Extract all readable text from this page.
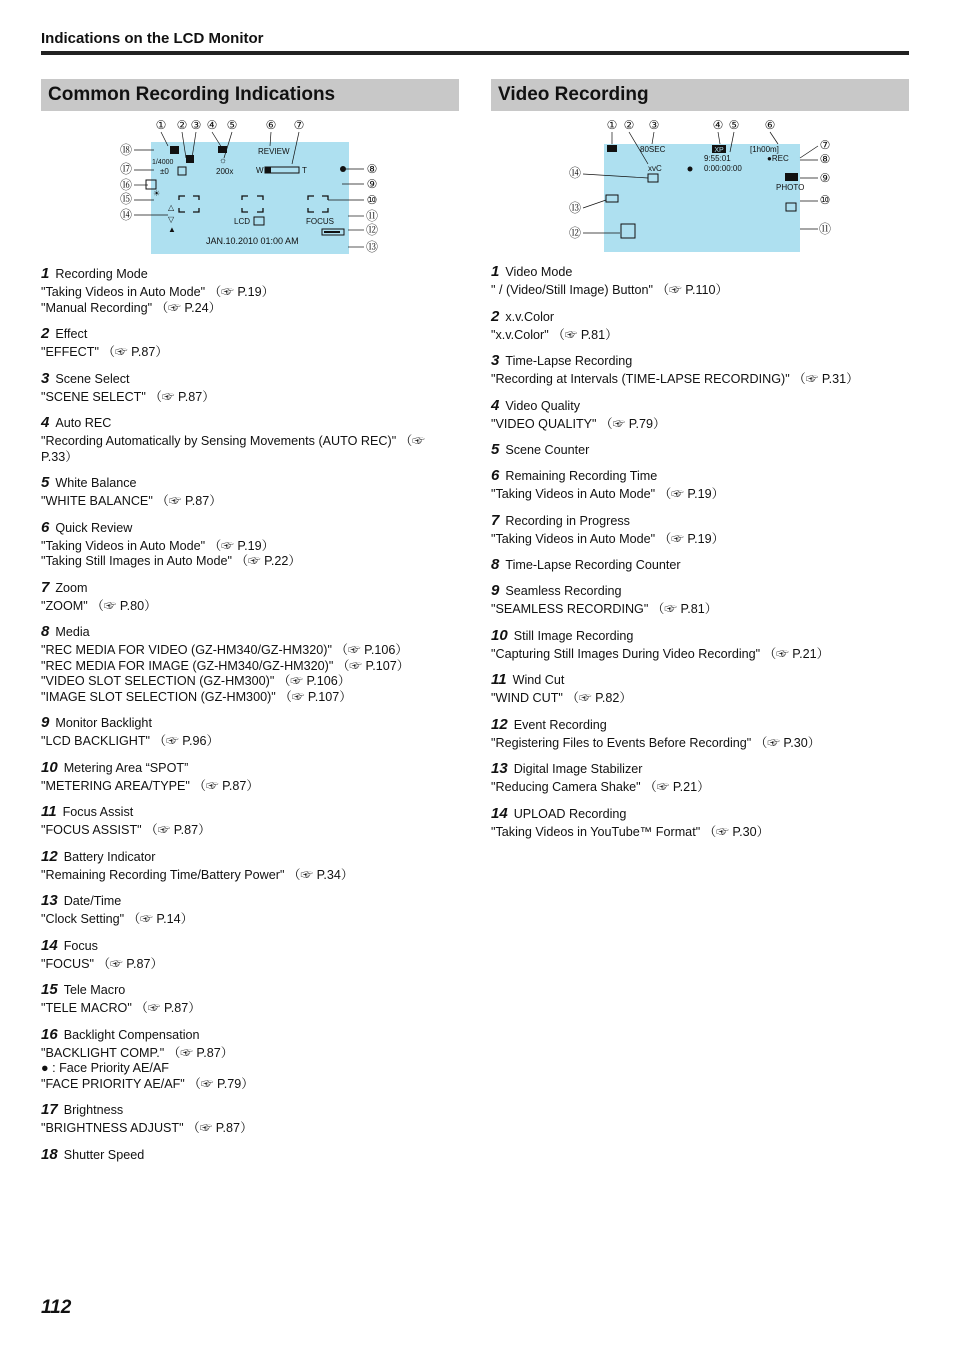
Indications on the LCD Monitor
Common Recording Indications	Video Recording
① ② ③ ④ ⑤ ⑥ ⑦
⑧
⑨
⑩
⑪
⑫
⑬
⑱
⑰
⑯
⑮
⑭
1/4000
±0
☼
200x
REVIEW
W	T
☀
△
▽
▲
LCD	FOCUS
JAN.10.2010 01:00 AM
① ② ③	④ ⑤ ⑥
⑦
⑧
⑨
⑩
⑪
⑭
⑬
⑫
80SEC	XP	[1h00m]
9:55:01	●REC
xvC	0:00:00:00
PHOTO
1 Recording Mode
"Taking Videos in Auto Mode" （☞ P.19）
"Manual Recording" （☞ P.24）
2 Effect
"EFFECT" （☞ P.87）
3 Scene Select
"SCENE SELECT" （☞ P.87）
4 Auto REC
"Recording Automatically by Sensing Movements (AUTO REC)" （☞
P.33）
5 White Balance
"WHITE BALANCE" （☞ P.87）
6 Quick Review
"Taking Videos in Auto Mode" （☞ P.19）
"Taking Still Images in Auto Mode" （☞ P.22）
7 Zoom
"ZOOM" （☞ P.80）
8 Media
"REC MEDIA FOR VIDEO (GZ-HM340/GZ-HM320)" （☞ P.106）
"REC MEDIA FOR IMAGE (GZ-HM340/GZ-HM320)" （☞ P.107）
"VIDEO SLOT SELECTION (GZ-HM300)" （☞ P.106）
"IMAGE SLOT SELECTION (GZ-HM300)" （☞ P.107）
9 Monitor Backlight
"LCD BACKLIGHT" （☞ P.96）
10 Metering Area “SPOT”
"METERING AREA/TYPE" （☞ P.87）
11 Focus Assist
"FOCUS ASSIST" （☞ P.87）
12 Battery Indicator
"Remaining Recording Time/Battery Power" （☞ P.34）
13 Date/Time
"Clock Setting" （☞ P.14）
14 Focus
"FOCUS" （☞ P.87）
15 Tele Macro
"TELE MACRO" （☞ P.87）
16 Backlight Compensation
"BACKLIGHT COMP." （☞ P.87）
● : Face Priority AE/AF
"FACE PRIORITY AE/AF" （☞ P.79）
17 Brightness
"BRIGHTNESS ADJUST" （☞ P.87）
18 Shutter Speed
1 Video Mode
" / (Video/Still Image) Button" （☞ P.110）
2 x.v.Color
"x.v.Color" （☞ P.81）
3 Time-Lapse Recording
"Recording at Intervals (TIME-LAPSE RECORDING)" （☞ P.31）
4 Video Quality
"VIDEO QUALITY" （☞ P.79）
5 Scene Counter
6 Remaining Recording Time
"Taking Videos in Auto Mode" （☞ P.19）
7 Recording in Progress
"Taking Videos in Auto Mode" （☞ P.19）
8 Time-Lapse Recording Counter
9 Seamless Recording
"SEAMLESS RECORDING" （☞ P.81）
10 Still Image Recording
"Capturing Still Images During Video Recording" （☞ P.21）
11 Wind Cut
"WIND CUT" （☞ P.82）
12 Event Recording
"Registering Files to Events Before Recording" （☞ P.30）
13 Digital Image Stabilizer
"Reducing Camera Shake" （☞ P.21）
14 UPLOAD Recording
"Taking Videos in YouTube™ Format" （☞ P.30）
112
